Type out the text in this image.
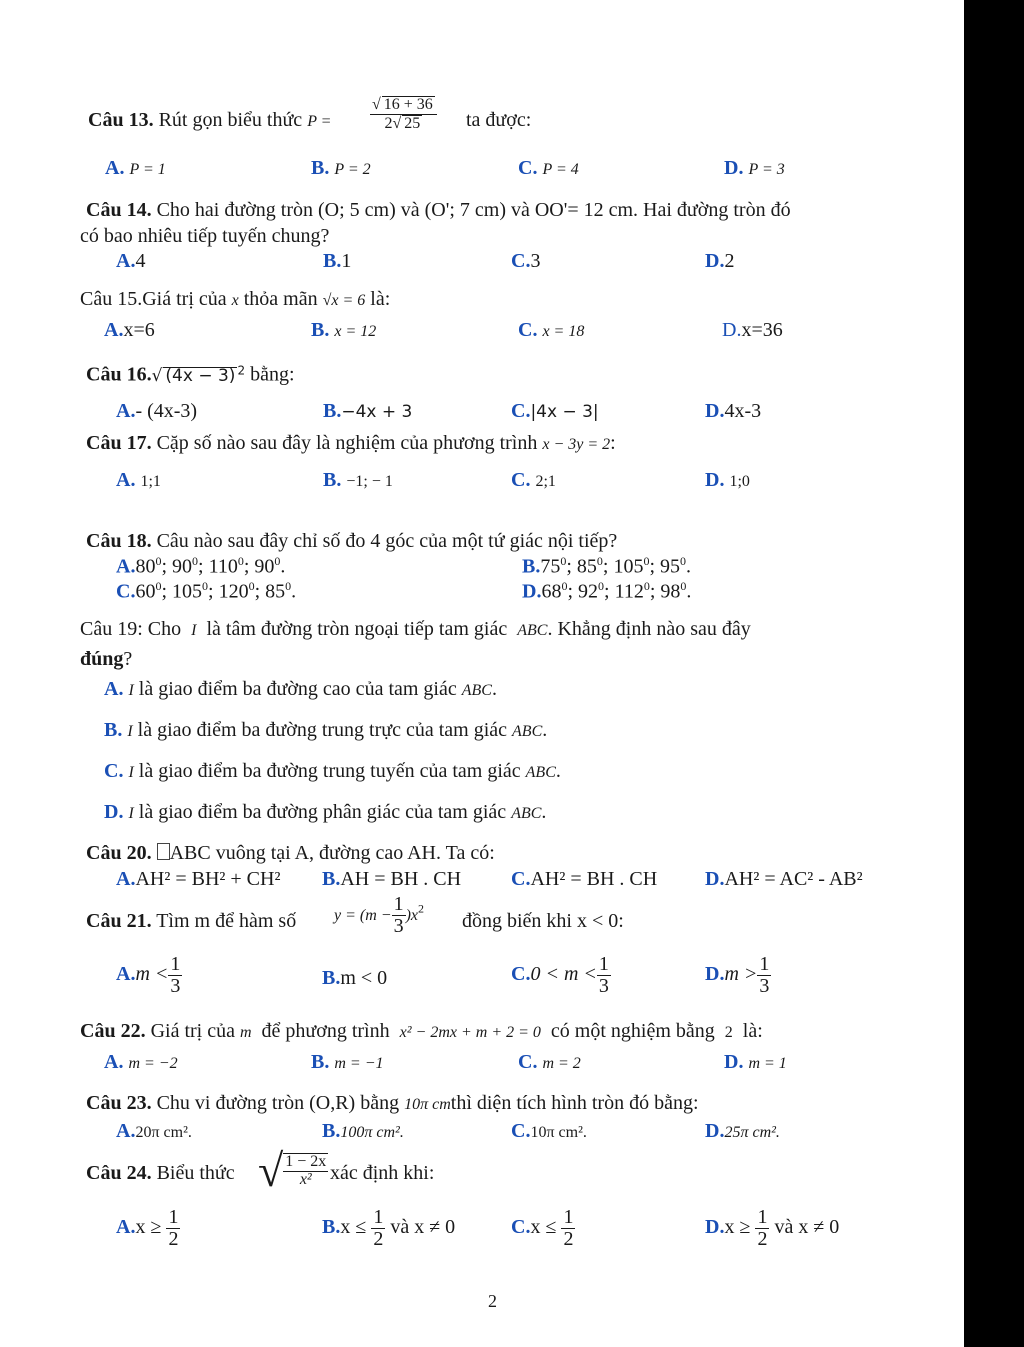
Câu 13. Rút gọn biểu thức P = √ $\frac{16 + 36}{2 √ 25}$ ta được:
A. P = 1	B. P = 2	C. P = 4	D. P = 3
Câu 14. Cho hai đường tròn (O; 5 cm) và (O'; 7 cm) và OO'= 12 cm. Hai đường tròn đó
có bao nhiêu tiếp tuyến chung?
A.4	B.1	C.3	D.2
Câu 15.Giá trị của x thỏa mãn √ x = 6 là:
A.x=6	B. x = 12	C. x = 18	D.x=36
Câu 16. √ (4x − 3) $^2$ bằng:
A.- (4x-3)	B.−4x + 3	C.|4x − 3|	D.4x-3
Câu 17. Cặp số nào sau đây là nghiệm của phương trình x − 3y = 2:
A. 1;1	B. −1; − 1	C. 2;1	D. 1;0
Câu 18. Câu nào sau đây chỉ số đo 4 góc của một tứ giác nội tiếp?
$A.80^0$; $90^0$; $110^0$; $90^0$.	$B.75^0$; $85^0$; $105^0$; $95^0$.
$C.60^0$; $105^0$; $120^0$; $85^0$.	$D.68^0$; $92^0$; $112^0$; $98^0$.
Câu 19: Cho I là tâm đường tròn ngoại tiếp tam giác ABC. Khẳng định nào sau đây
đúng?
A. I là giao điểm ba đường cao của tam giác ABC.
B. I là giao điểm ba đường trung trực của tam giác ABC.
C. I là giao điểm ba đường trung tuyến của tam giác ABC.
D. I là giao điểm ba đường phân giác của tam giác ABC.
Câu 20. ABC vuông tại A, đường cao AH. Ta có:
A.AH² = BH² + CH² B.AH = BH . CH C.AH² = BH . CH D.AH² = AC² - AB²
Câu 21. Tìm m để hàm số $y = (m - \frac{1}{3} )x^2$
đồng biến khi x < 0:
$A.m < \frac{1}{3}$	B.m < 0	$C.0 < m < \frac{1}{3}$	$D.m > \frac{1}{3}$
Câu 22. Giá trị của m để phương trình x² − 2mx + m + 2 = 0 có một nghiệm bằng 2 là:
A. m = −2	B. m = −1	C. m = 2	D. m = 1
Câu 23. Chu vi đường tròn (O,R) bằng 10π cmthì diện tích hình tròn đó bằng:
A.20π cm².	B.100π cm².	C.10π cm².	D.25π cm².
Câu 24. Biểu thức √ $\frac{1 - 2x}{\text{x²}}$ xác định khi:
$A.x \ge \frac{1}{2}$	$B.x \le \frac{1}{2}$ và x ≠ 0	$C.x \le \frac{1}{2}$	$D.x \ge \frac{1}{2}$ và x ≠ 0
2
